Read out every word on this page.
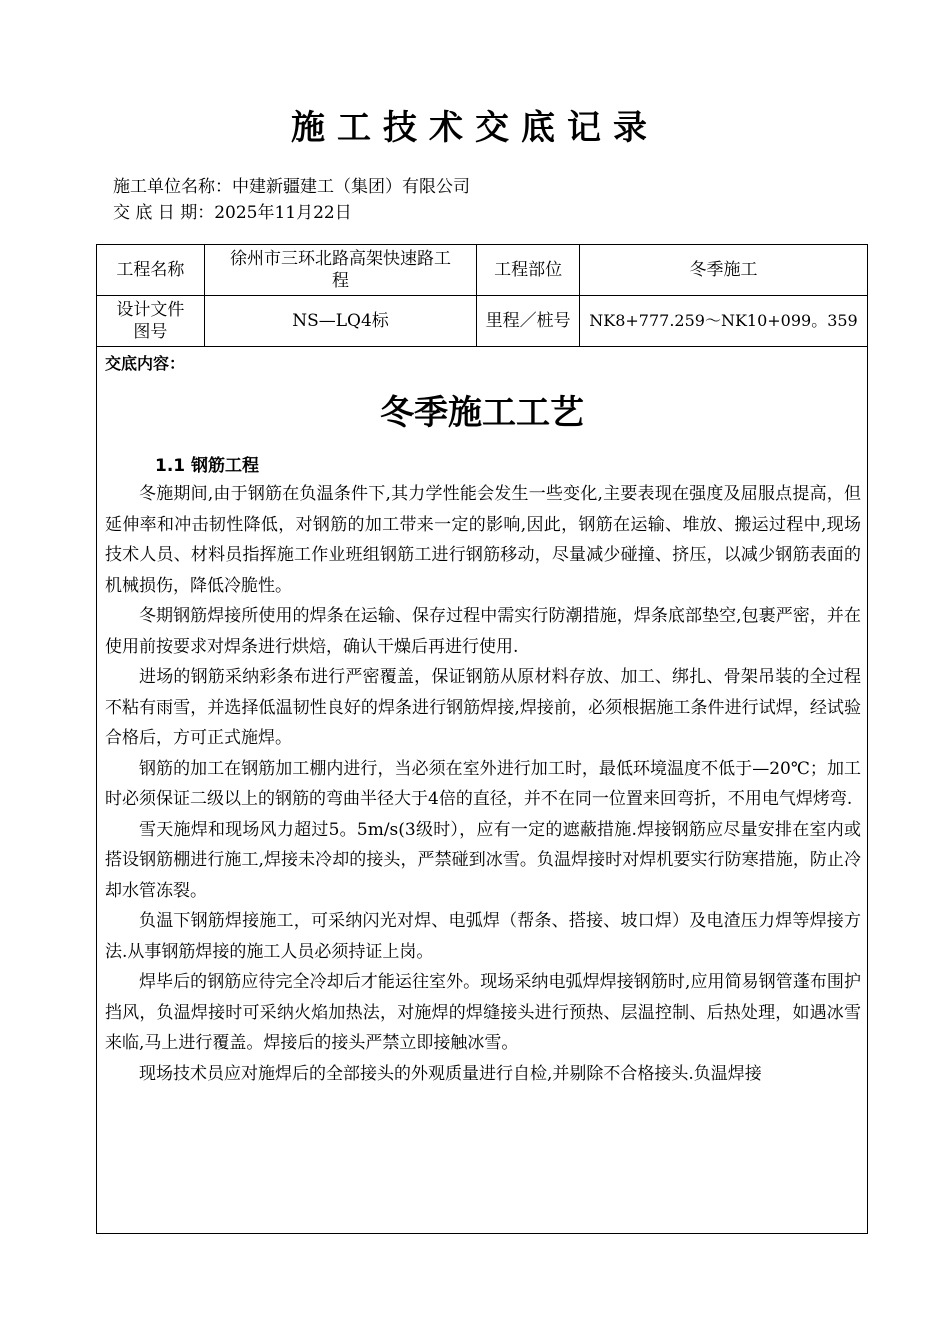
施工技术交底记录
施工单位名称：中建新疆建工（集团）有限公司
交 底 日 期：2025年11月22日
工程名称	徐州市三环北路高架快速路工程	工程部位	冬季施工
设计文件图号	NS—LQ4标	里程／桩号	NK8+777.259～NK10+099。359
交底内容：
冬季施工工艺
1.1 钢筋工程

冬施期间,由于钢筋在负温条件下,其力学性能会发生一些变化,主要表现在强度及屈服点提高，但延伸率和冲击韧性降低，对钢筋的加工带来一定的影响,因此，钢筋在运输、堆放、搬运过程中,现场技术人员、材料员指挥施工作业班组钢筋工进行钢筋移动，尽量减少碰撞、挤压，以减少钢筋表面的机械损伤，降低冷脆性。

冬期钢筋焊接所使用的焊条在运输、保存过程中需实行防潮措施，焊条底部垫空,包裹严密，并在使用前按要求对焊条进行烘焙，确认干燥后再进行使用.

进场的钢筋采纳彩条布进行严密覆盖，保证钢筋从原材料存放、加工、绑扎、骨架吊装的全过程不粘有雨雪，并选择低温韧性良好的焊条进行钢筋焊接,焊接前，必须根据施工条件进行试焊，经试验合格后，方可正式施焊。

钢筋的加工在钢筋加工棚内进行，当必须在室外进行加工时，最低环境温度不低于—20℃；加工时必须保证二级以上的钢筋的弯曲半径大于4倍的直径，并不在同一位置来回弯折，不用电气焊烤弯.

雪天施焊和现场风力超过5。5m/s(3级时），应有一定的遮蔽措施.焊接钢筋应尽量安排在室内或搭设钢筋棚进行施工,焊接未冷却的接头，严禁碰到冰雪。负温焊接时对焊机要实行防寒措施，防止冷却水管冻裂。

负温下钢筋焊接施工，可采纳闪光对焊、电弧焊（帮条、搭接、坡口焊）及电渣压力焊等焊接方法.从事钢筋焊接的施工人员必须持证上岗。

焊毕后的钢筋应待完全冷却后才能运往室外。现场采纳电弧焊焊接钢筋时,应用简易钢管蓬布围护挡风，负温焊接时可采纳火焰加热法，对施焊的焊缝接头进行预热、层温控制、后热处理，如遇冰雪来临,马上进行覆盖。焊接后的接头严禁立即接触冰雪。

现场技术员应对施焊后的全部接头的外观质量进行自检,并剔除不合格接头.负温焊接
